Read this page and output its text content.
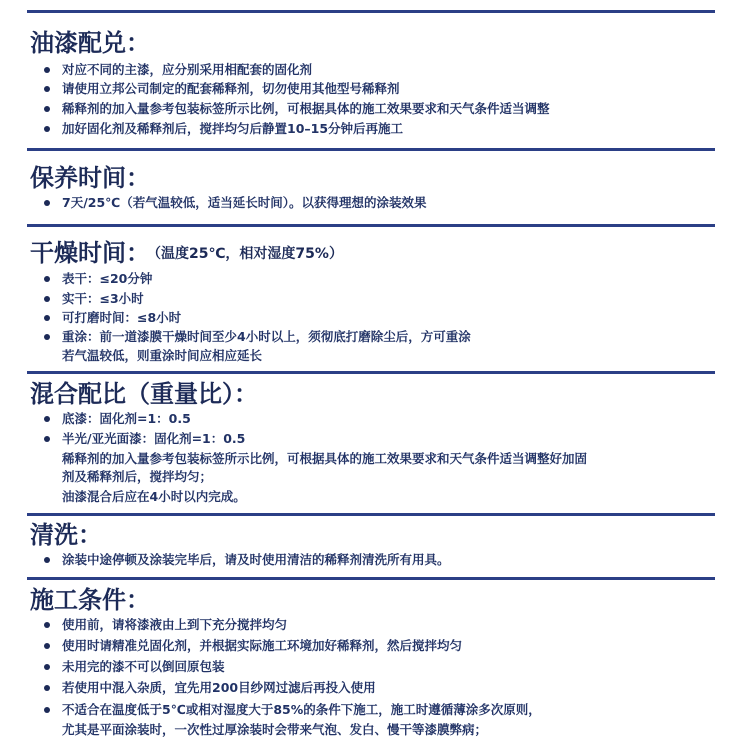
油漆配兑：
对应不同的主漆，应分别采用相配套的固化剂
请使用立邦公司制定的配套稀释剂，切勿使用其他型号稀释剂
稀释剂的加入量参考包装标签所示比例，可根据具体的施工效果要求和天气条件适当调整
加好固化剂及稀释剂后，搅拌均匀后静置10–15分钟后再施工
保养时间：
7天/25℃（若气温较低，适当延长时间）。以获得理想的涂装效果
干燥时间： $^{(温度25℃,相对湿度75\%)}$
表干：≤20分钟
实干：≤3小时
可打磨时间：≤8小时
重涂：前一道漆膜干燥时间至少4小时以上，须彻底打磨除尘后，方可重涂
若气温较低，则重涂时间应相应延长
混合配比（重量比）：
底漆：固化剂=1：0.5
半光/亚光面漆：固化剂=1：0.5
稀释剂的加入量参考包装标签所示比例，可根据具体的施工效果要求和天气条件适当调整好加固
剂及稀释剂后，搅拌均匀；
油漆混合后应在4小时以内完成。
清洗：
涂装中途停顿及涂装完毕后，请及时使用清洁的稀释剂清洗所有用具。
施工条件：
使用前，请将漆液由上到下充分搅拌均匀
使用时请精准兑固化剂，并根据实际施工环境加好稀释剂，然后搅拌均匀
未用完的漆不可以倒回原包装
若使用中混入杂质，宜先用200目纱网过滤后再投入使用
不适合在温度低于5℃或相对湿度大于85%的条件下施工，施工时遵循薄涂多次原则，
尤其是平面涂装时，一次性过厚涂装时会带来气泡、发白、慢干等漆膜弊病；
